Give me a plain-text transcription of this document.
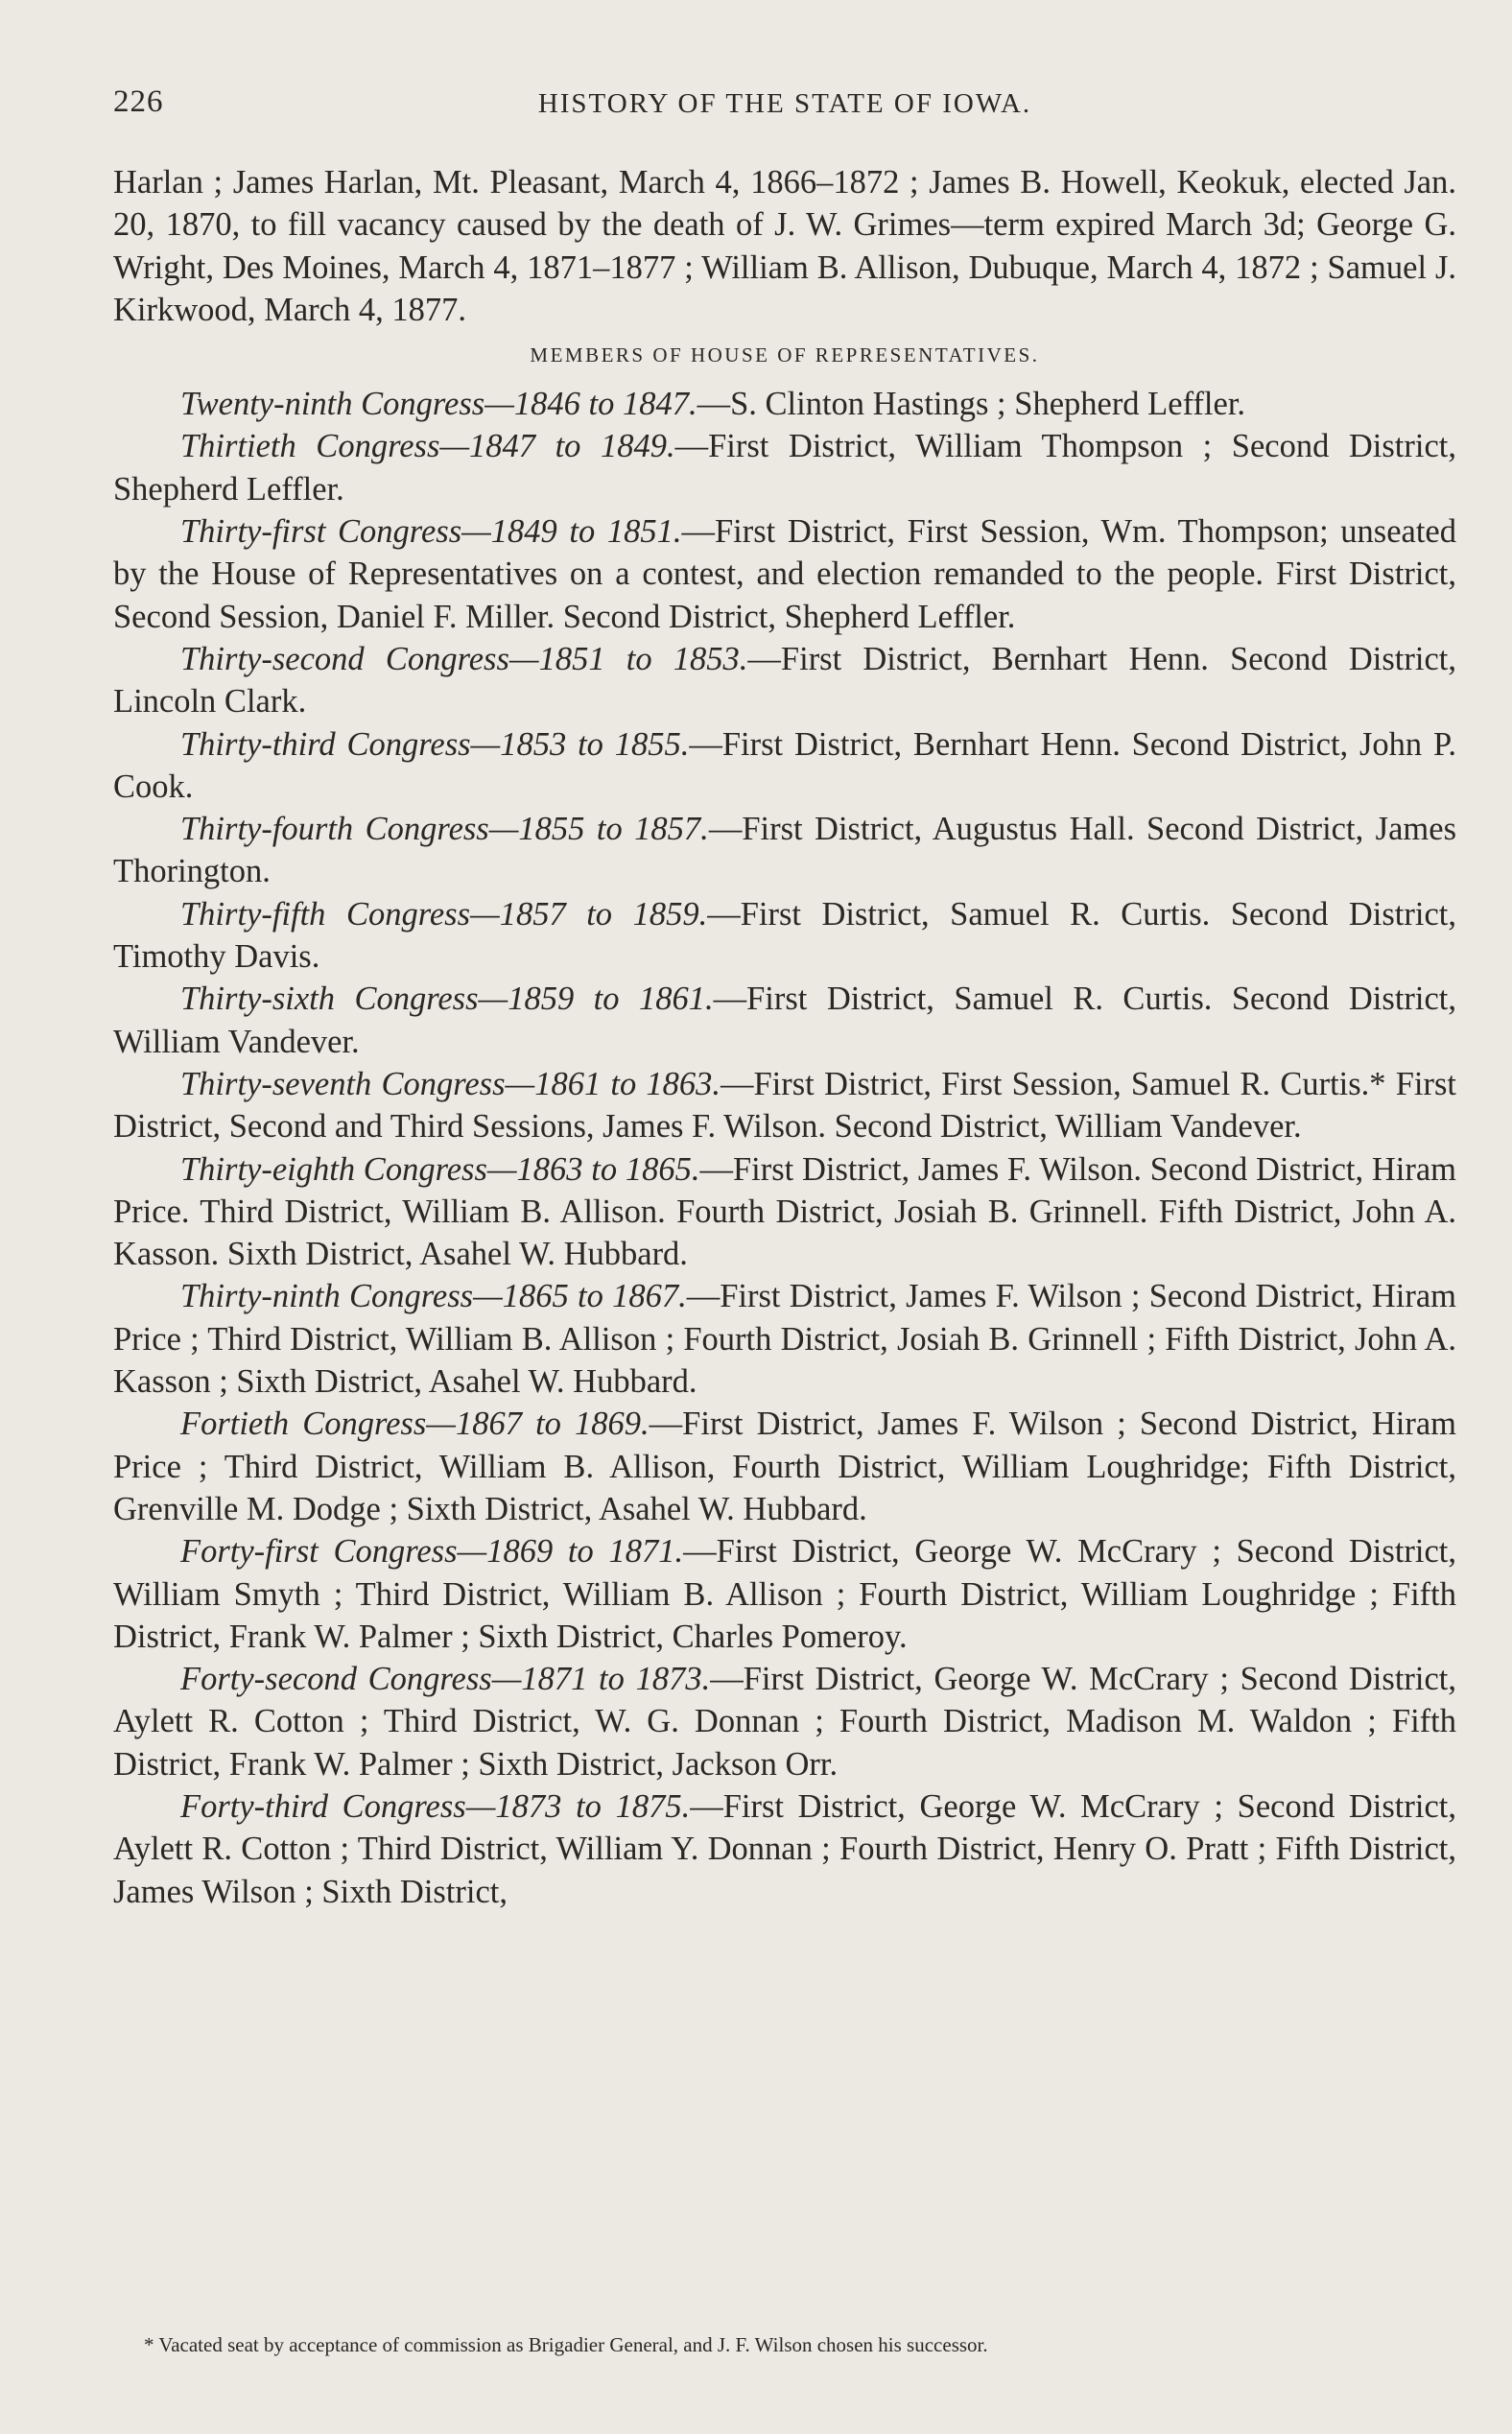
226	HISTORY OF THE STATE OF IOWA.

Harlan ; James Harlan, Mt. Pleasant, March 4, 1866–1872 ; James B. Howell, Keokuk, elected Jan. 20, 1870, to fill vacancy caused by the death of J. W. Grimes—term expired March 3d; George G. Wright, Des Moines, March 4, 1871–1877 ; William B. Allison, Dubuque, March 4, 1872 ; Samuel J. Kirkwood, March 4, 1877.

MEMBERS OF HOUSE OF REPRESENTATIVES.

Twenty-ninth Congress—1846 to 1847.—S. Clinton Hastings ; Shepherd Leffler.

Thirtieth Congress—1847 to 1849.—First District, William Thompson ; Second District, Shepherd Leffler.

Thirty-first Congress—1849 to 1851.—First District, First Session, Wm. Thompson; unseated by the House of Representatives on a contest, and election remanded to the people. First District, Second Session, Daniel F. Miller. Second District, Shepherd Leffler.

Thirty-second Congress—1851 to 1853.—First District, Bernhart Henn. Second District, Lincoln Clark.

Thirty-third Congress—1853 to 1855.—First District, Bernhart Henn. Second District, John P. Cook.

Thirty-fourth Congress—1855 to 1857.—First District, Augustus Hall. Second District, James Thorington.

Thirty-fifth Congress—1857 to 1859.—First District, Samuel R. Curtis. Second District, Timothy Davis.

Thirty-sixth Congress—1859 to 1861.—First District, Samuel R. Curtis. Second District, William Vandever.

Thirty-seventh Congress—1861 to 1863.—First District, First Session, Samuel R. Curtis.* First District, Second and Third Sessions, James F. Wilson. Second District, William Vandever.

Thirty-eighth Congress—1863 to 1865.—First District, James F. Wilson. Second District, Hiram Price. Third District, William B. Allison. Fourth District, Josiah B. Grinnell. Fifth District, John A. Kasson. Sixth District, Asahel W. Hubbard.

Thirty-ninth Congress—1865 to 1867.—First District, James F. Wilson ; Second District, Hiram Price ; Third District, William B. Allison ; Fourth District, Josiah B. Grinnell ; Fifth District, John A. Kasson ; Sixth District, Asahel W. Hubbard.

Fortieth Congress—1867 to 1869.—First District, James F. Wilson ; Second District, Hiram Price ; Third District, William B. Allison, Fourth District, William Loughridge; Fifth District, Grenville M. Dodge ; Sixth District, Asahel W. Hubbard.

Forty-first Congress—1869 to 1871.—First District, George W. McCrary ; Second District, William Smyth ; Third District, William B. Allison ; Fourth District, William Loughridge ; Fifth District, Frank W. Palmer ; Sixth District, Charles Pomeroy.

Forty-second Congress—1871 to 1873.—First District, George W. McCrary ; Second District, Aylett R. Cotton ; Third District, W. G. Donnan ; Fourth District, Madison M. Waldon ; Fifth District, Frank W. Palmer ; Sixth District, Jackson Orr.

Forty-third Congress—1873 to 1875.—First District, George W. McCrary ; Second District, Aylett R. Cotton ; Third District, William Y. Donnan ; Fourth District, Henry O. Pratt ; Fifth District, James Wilson ; Sixth District,

* Vacated seat by acceptance of commission as Brigadier General, and J. F. Wilson chosen his successor.
